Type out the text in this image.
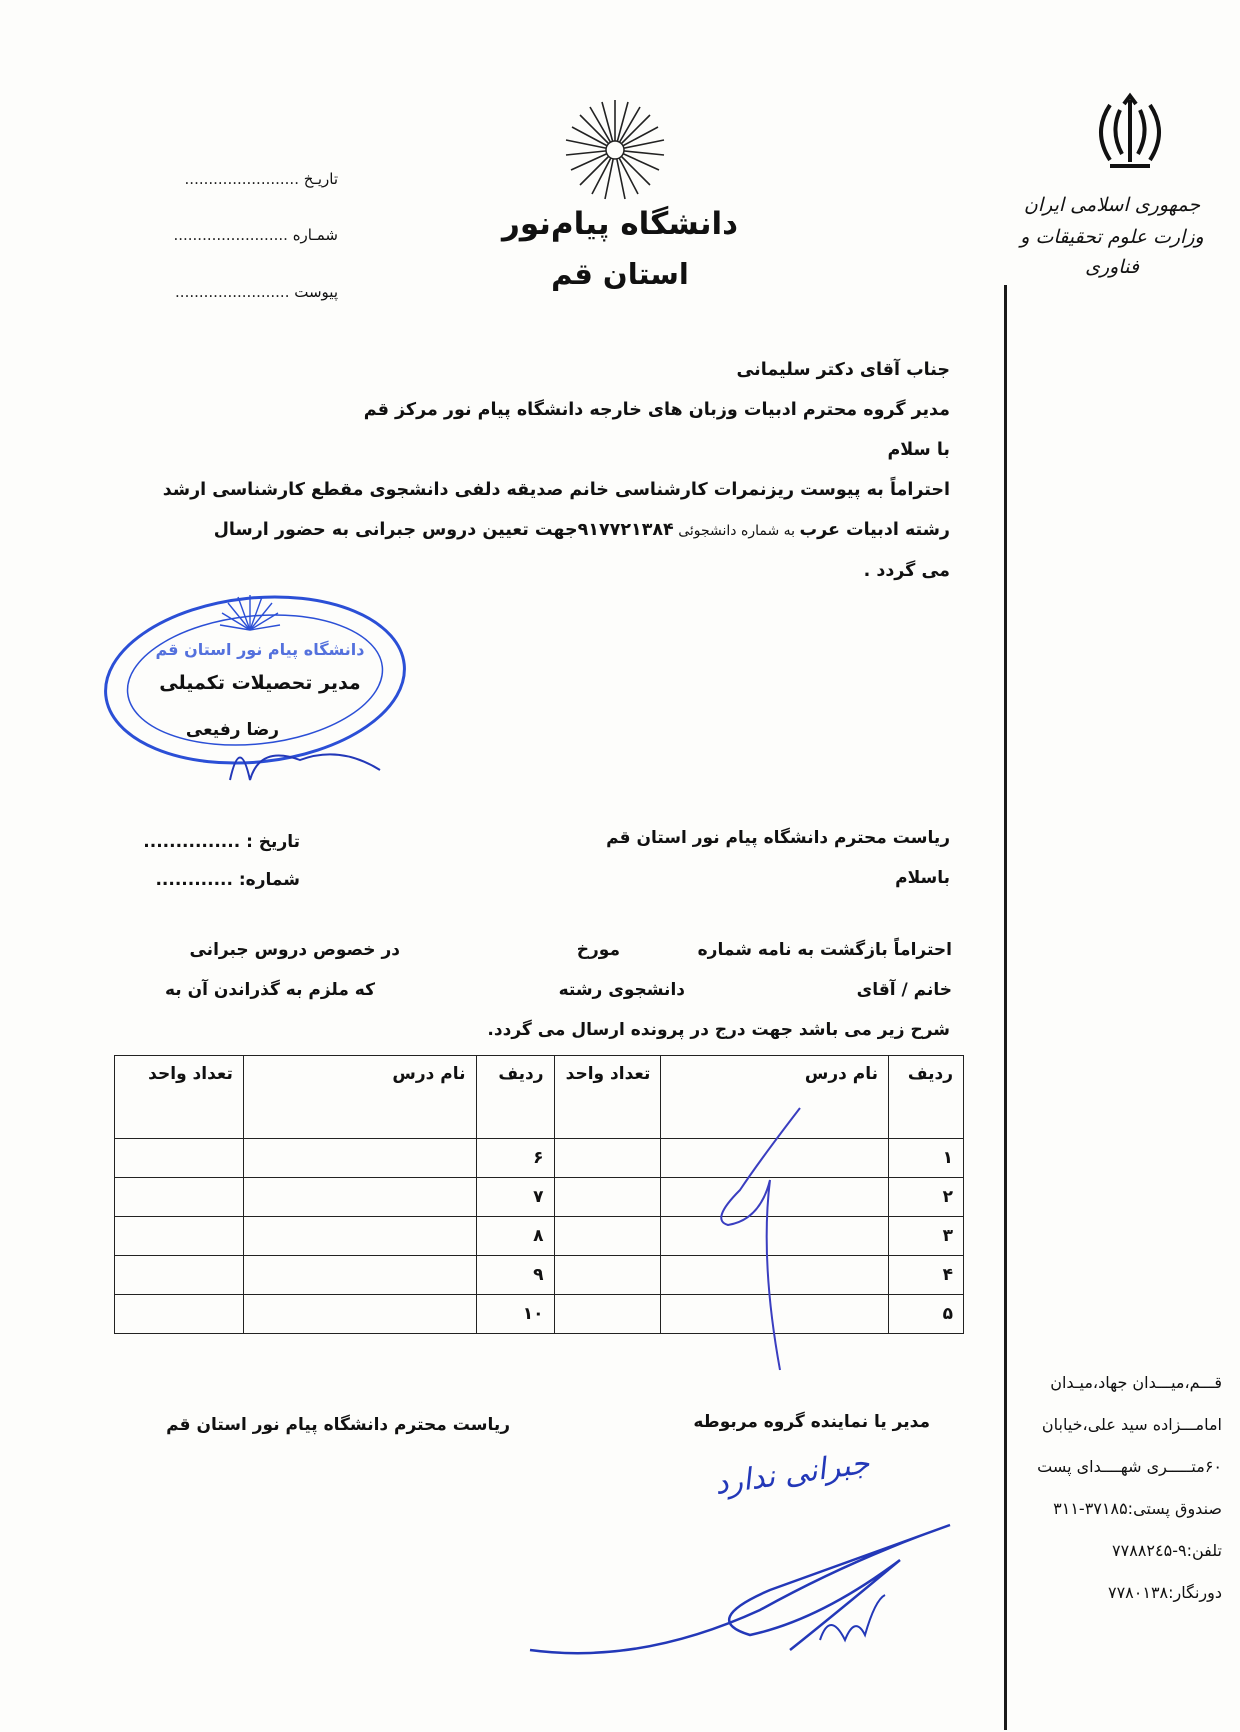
جمهوری اسلامی ایران
وزارت علوم تحقیقات و فناوری
قـــم،میـــدان جهاد،میـدان
امامـــزاده سید علی،خیابان
۶۰متـــــری شهــــدای پست
صندوق پستی:۳۷۱۸۵-۳۱۱
تلفن:۹-۷۷۸۸۲٤۵
دورنگار:۷۷۸۰۱۳۸
دانشگاه پیام‌نور
استان قم
تاریـخ ........................
شمـاره ........................
پیوست ........................
جناب آقای دکتر سلیمانی
مدیر گروه محترم ادبیات وزبان های خارجه دانشگاه پیام نور مرکز قم
با سلام
احتراماً به پیوست ریزنمرات کارشناسی خانم صدیقه دلفی دانشجوی مقطع کارشناسی ارشد
رشته ادبیات عرب به شماره دانشجوئی ۹۱۷۷۲۱۳۸۴جهت تعیین دروس جبرانی به حضور ارسال
می گردد .
دانشگاه پیام نور استان قم
مدیر تحصیلات تکمیلی
رضا رفیعی
تاریخ : ...............
شماره: ............
ریاست محترم دانشگاه پیام نور استان قم
باسلام
احتراماً بازگشت به نامه شماره
مورخ
در خصوص دروس جبرانی
خانم / آقای
دانشجوی رشته
که ملزم به گذراندن آن به
شرح زیر می باشد جهت درج در پرونده ارسال می گردد.
ردیف	نام درس	تعداد واحد	ردیف	نام درس	تعداد واحد
۱			۶		
۲			۷		
۳			۸		
۴			۹		
۵			۱۰		
مدیر یا نماینده گروه مربوطه
ریاست محترم دانشگاه پیام نور استان قم
جبرانی ندارد
